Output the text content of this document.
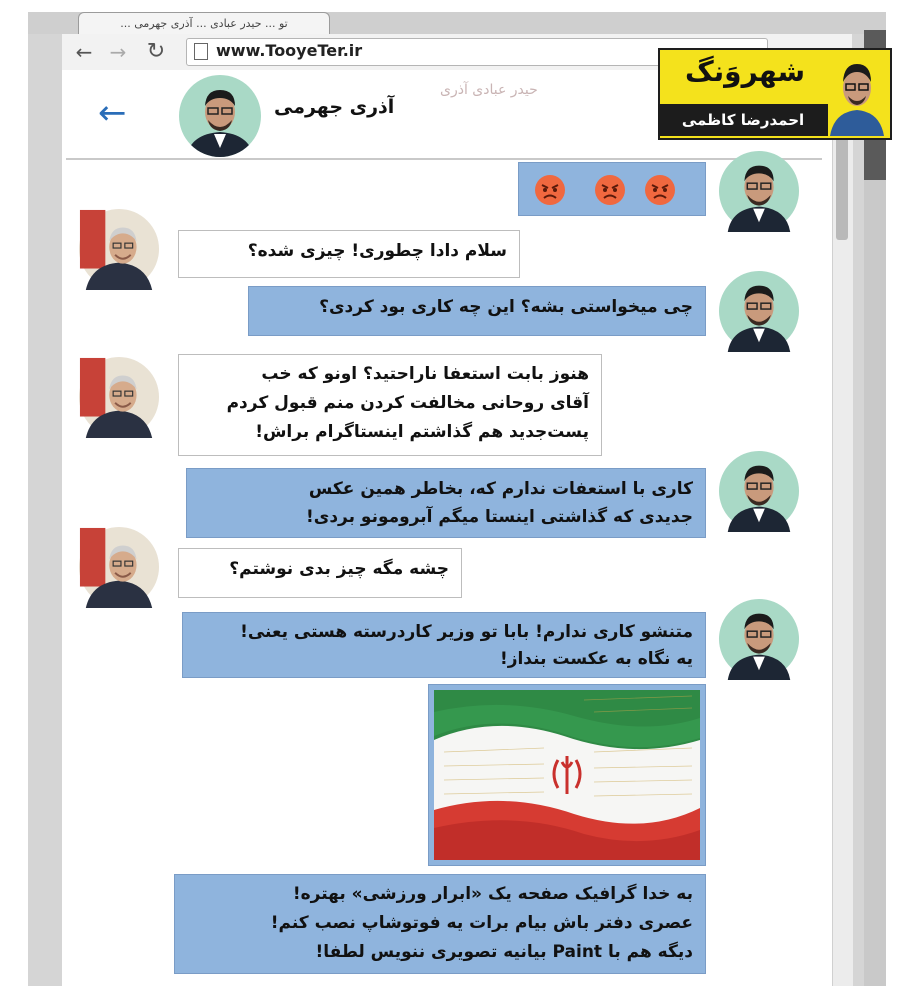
تو ... حیدر عبادی ... آذری جهرمی ...
← → ↻	www.TooyeTer.ir
حیدر عبادی آذری
←	آذری جهرمی
شهروَنگ
احمدرضا کاظمی
سلام دادا چطوری! چیزی شده؟
چی میخواستی بشه؟ این چه کاری بود کردی؟
هنوز بابت استعفا ناراحتید؟ اونو که خب
آقای روحانی مخالفت کردن منم قبول کردم
پست‌جدید هم گذاشتم اینستاگرام براش!
کاری با استعفات ندارم که، بخاطر همین عکس
جدیدی که گذاشتی اینستا میگم آبرومونو بردی!
چشه مگه چیز بدی نوشتم؟
متنشو کاری ندارم! بابا تو وزیر کاردرسته هستی یعنی!
یه نگاه به عکست بنداز!
به خدا گرافیک صفحه یک «ابرار ورزشی» بهتره!
عصری دفتر باش بیام برات یه فوتوشاپ نصب کنم!
دیگه هم با Paint بیانیه تصویری ننویس لطفا!
